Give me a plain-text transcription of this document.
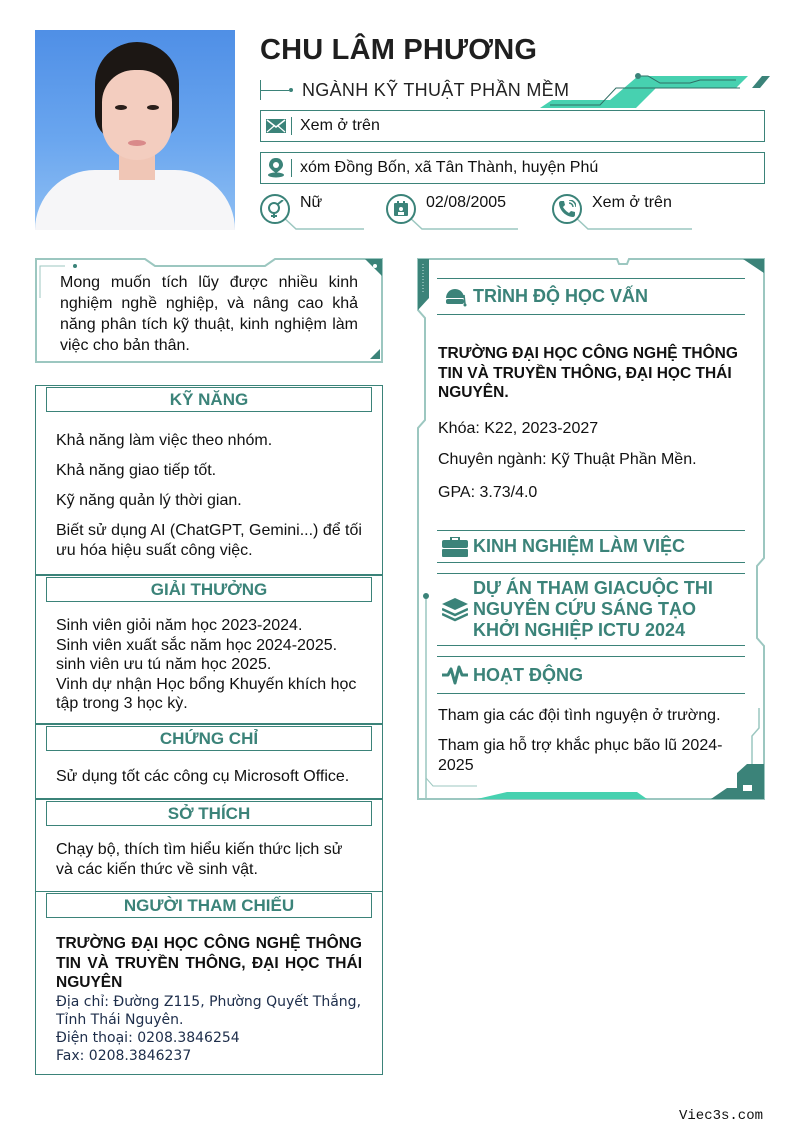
CHU LÂM PHƯƠNG
NGÀNH KỸ THUẬT PHẦN MỀM
Xem ở trên
xóm Đồng Bốn, xã Tân Thành, huyện Phú
Nữ	02/08/2005	Xem ở trên
Mong muốn tích lũy được nhiều kinh nghiệm nghề nghiệp, và nâng cao khả năng phân tích kỹ thuật, kinh nghiệm làm việc cho bản thân.
KỸ NĂNG

Khả năng làm việc theo nhóm.

Khả năng giao tiếp tốt.

Kỹ năng quản lý thời gian.

Biết sử dụng AI (ChatGPT, Gemini...) để tối ưu hóa hiệu suất công việc.

GIẢI THƯỞNG

Sinh viên giỏi năm học 2023-2024.

Sinh viên xuất sắc năm học 2024-2025.

sinh viên ưu tú năm học 2025.

Vinh dự nhận Học bổng Khuyến khích học tập trong 3 học kỳ.

CHỨNG CHỈ

Sử dụng tốt các công cụ Microsoft Office.

SỞ THÍCH

Chạy bộ, thích tìm hiểu kiến thức lịch sử và các kiến thức về sinh vật.

NGƯỜI THAM CHIẾU

TRƯỜNG ĐẠI HỌC CÔNG NGHỆ THÔNG TIN VÀ TRUYỀN THÔNG, ĐẠI HỌC THÁI NGUYÊN

Địa chỉ: Đường Z115, Phường Quyết Thắng, Tỉnh Thái Nguyên.

Điện thoại: 0208.3846254

Fax: 0208.3846237

TRÌNH ĐỘ HỌC VẤN
TRƯỜNG ĐẠI HỌC CÔNG NGHỆ THÔNG TIN VÀ TRUYỀN THÔNG, ĐẠI HỌC THÁI NGUYÊN.
Khóa: K22, 2023-2027
Chuyên ngành: Kỹ Thuật Phần Mền.
GPA: 3.73/4.0
KINH NGHIỆM LÀM VIỆC
DỰ ÁN THAM GIACUỘC THI NGUYÊN CỨU SÁNG TẠO KHỞI NGHIỆP ICTU 2024
HOẠT ĐỘNG
Tham gia các đội tình nguyện ở trường.
Tham gia hỗ trợ khắc phục bão lũ 2024-2025
Viec3s.com
